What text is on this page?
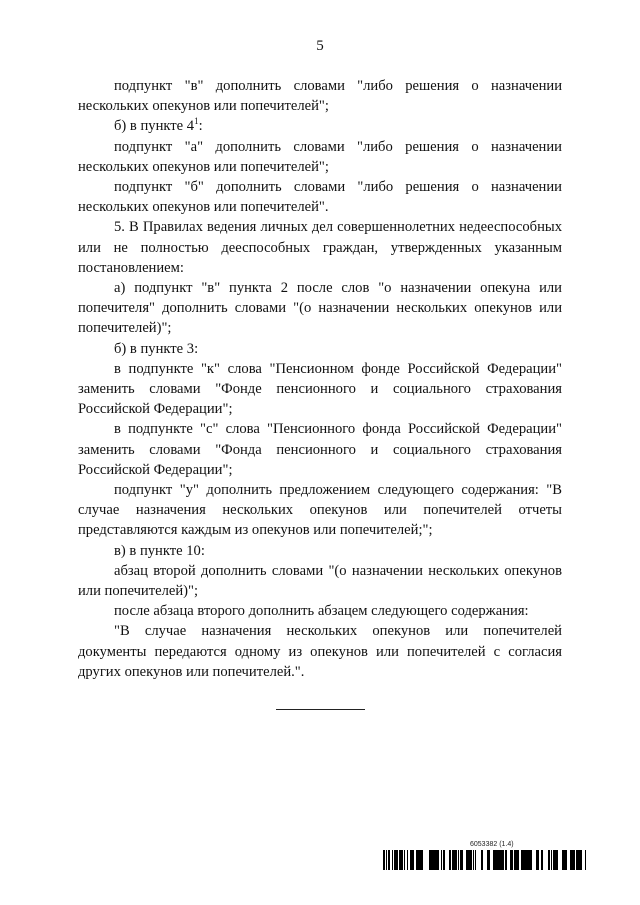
5

подпункт "в" дополнить словами "либо решения о назначении нескольких опекунов или попечителей";

б) в пункте $4^1$:

подпункт "а" дополнить словами "либо решения о назначении нескольких опекунов или попечителей";

подпункт "б" дополнить словами "либо решения о назначении нескольких опекунов или попечителей".

5. В Правилах ведения личных дел совершеннолетних недееспособных или не полностью дееспособных граждан, утвержденных указанным постановлением:

а) подпункт "в" пункта 2 после слов "о назначении опекуна или попечителя" дополнить словами "(о назначении нескольких опекунов или попечителей)";

б) в пункте 3:

в подпункте "к" слова "Пенсионном фонде Российской Федерации" заменить словами "Фонде пенсионного и социального страхования Российской Федерации";

в подпункте "с" слова "Пенсионного фонда Российской Федерации" заменить словами "Фонда пенсионного и социального страхования Российской Федерации";

подпункт "у" дополнить предложением следующего содержания: "В случае назначения нескольких опекунов или попечителей отчеты представляются каждым из опекунов или попечителей;";

в) в пункте 10:

абзац второй дополнить словами "(о назначении нескольких опекунов или попечителей)";

после абзаца второго дополнить абзацем следующего содержания:

"В случае назначения нескольких опекунов или попечителей документы передаются одному из опекунов или попечителей с согласия других опекунов или попечителей.".

6053382 (1.4)
